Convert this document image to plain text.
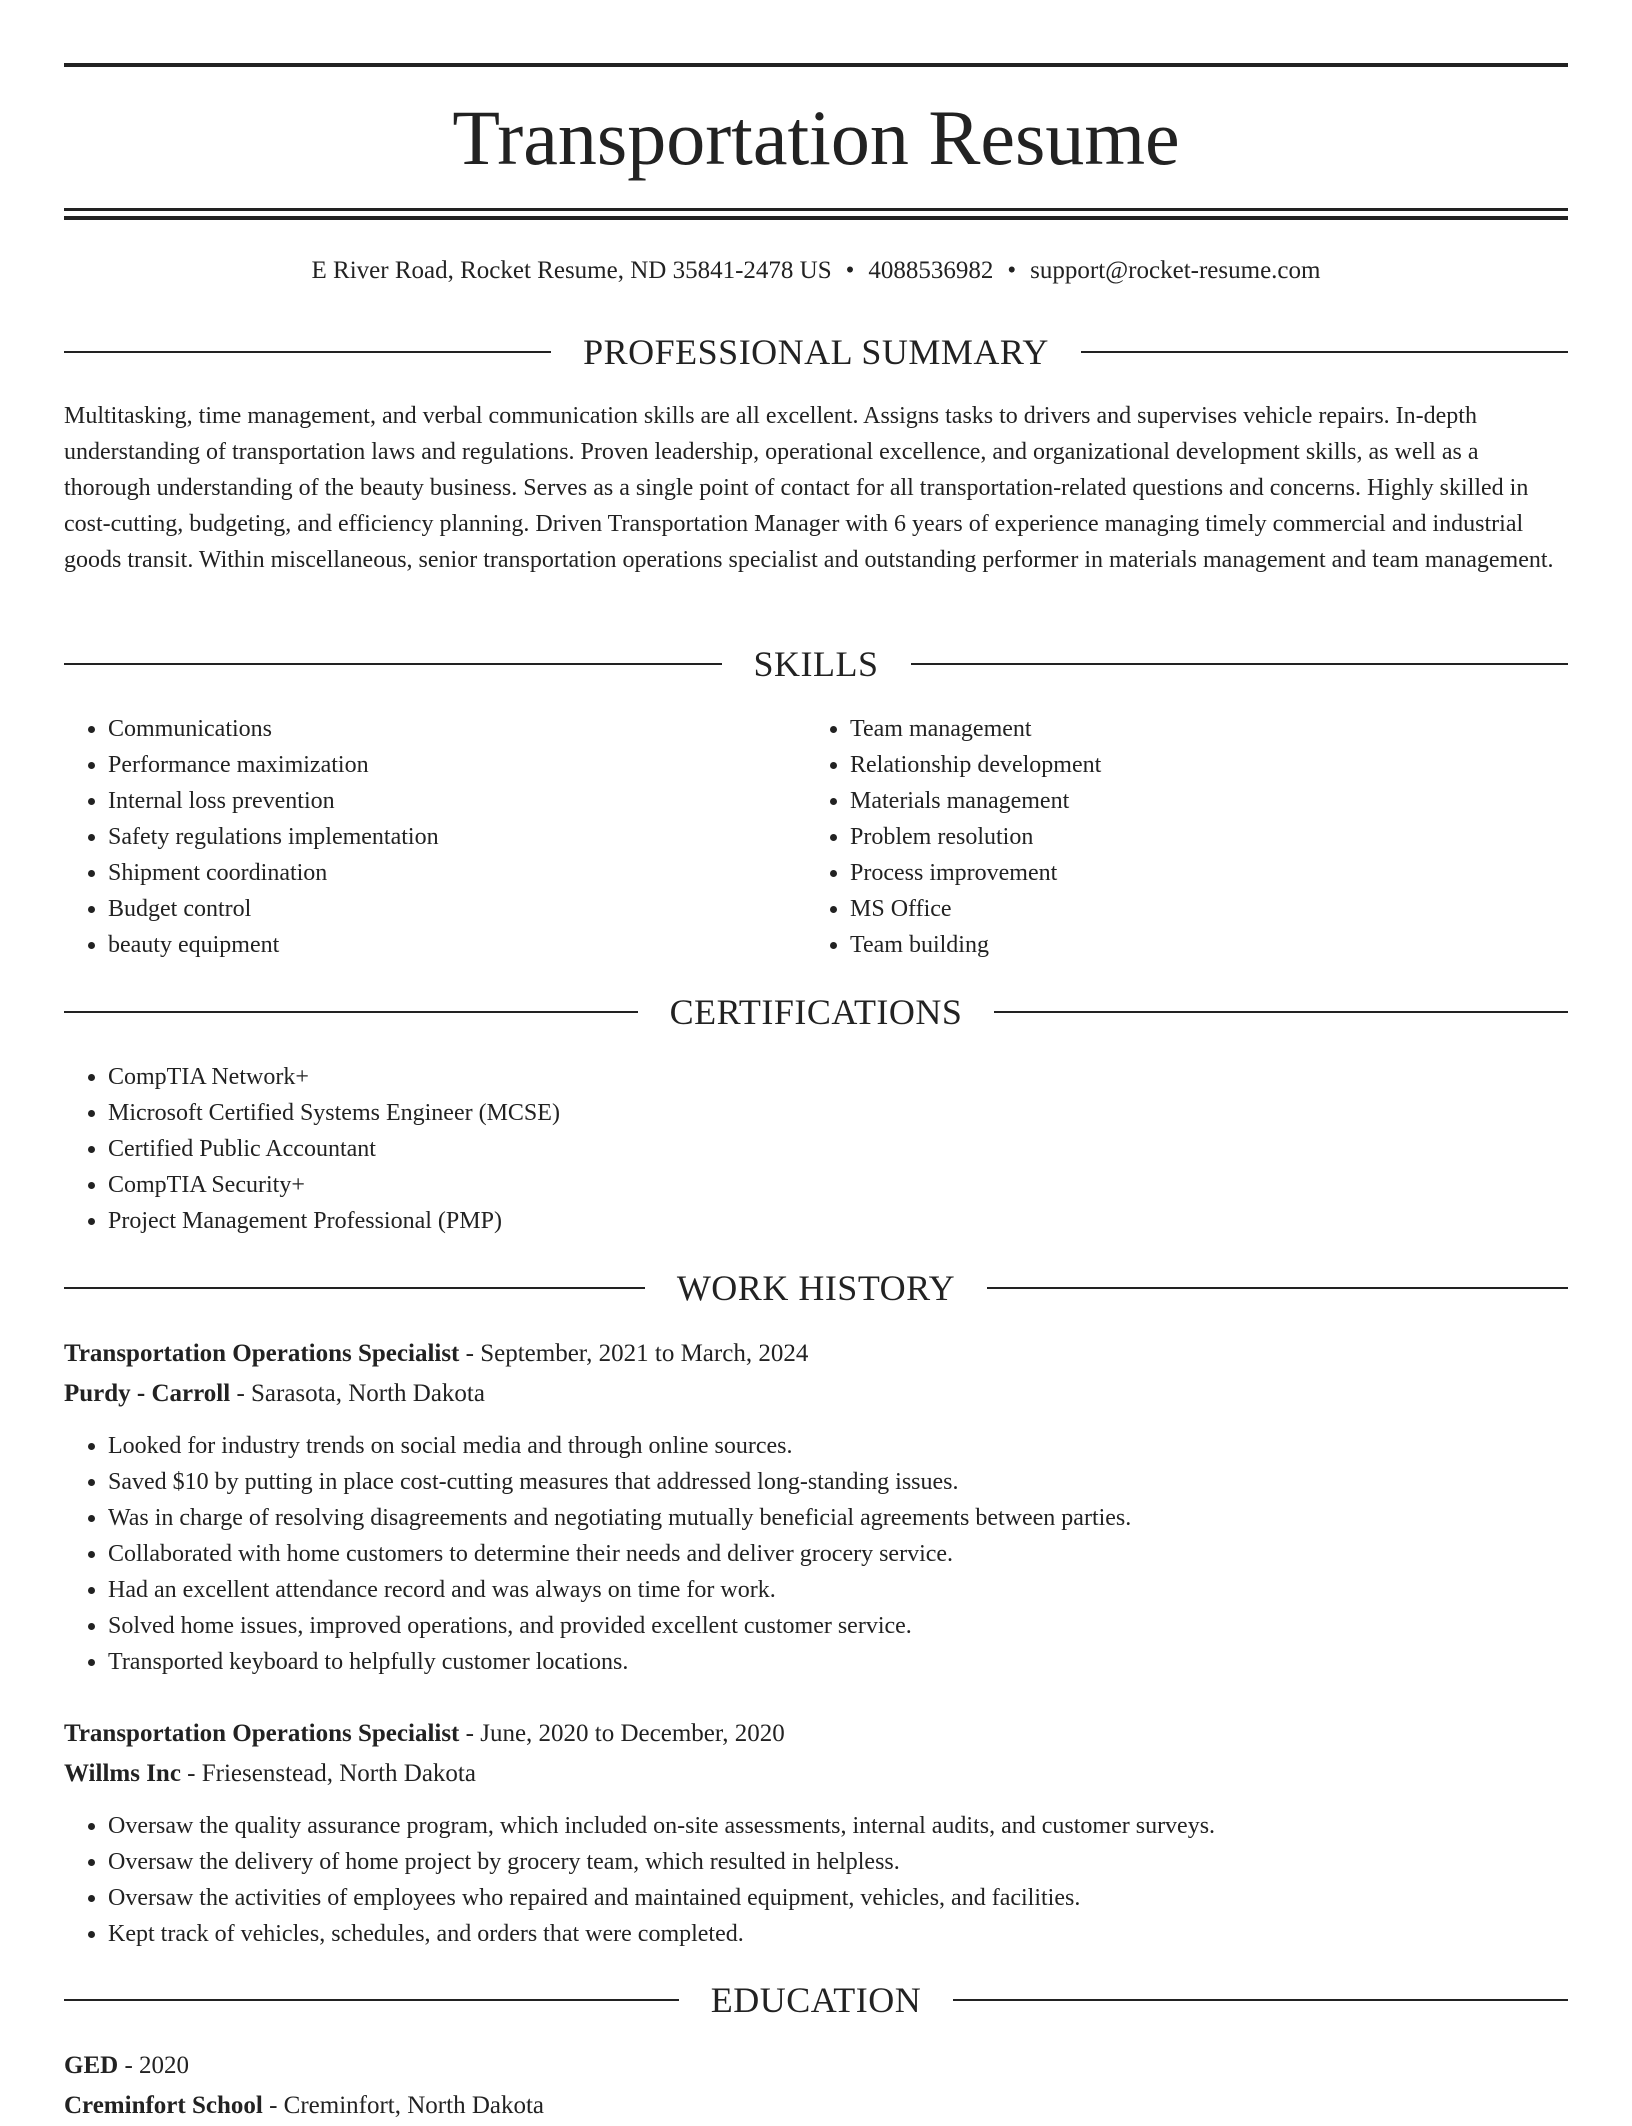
Transportation Resume
E River Road, Rocket Resume, ND 35841-2478 US • 4088536982 • support@rocket-resume.com
PROFESSIONAL SUMMARY

Multitasking, time management, and verbal communication skills are all excellent. Assigns tasks to drivers and supervises vehicle repairs. In-depth understanding of transportation laws and regulations. Proven leadership, operational excellence, and organizational development skills, as well as a thorough understanding of the beauty business. Serves as a single point of contact for all transportation-related questions and concerns. Highly skilled in cost-cutting, budgeting, and efficiency planning. Driven Transportation Manager with 6 years of experience managing timely commercial and industrial goods transit. Within miscellaneous, senior transportation operations specialist and outstanding performer in materials management and team management.

SKILLS
• Communications
• Performance maximization
• Internal loss prevention
• Safety regulations implementation
• Shipment coordination
• Budget control
• beauty equipment
• Team management
• Relationship development
• Materials management
• Problem resolution
• Process improvement
• MS Office
• Team building
CERTIFICATIONS
• CompTIA Network+
• Microsoft Certified Systems Engineer (MCSE)
• Certified Public Accountant
• CompTIA Security+
• Project Management Professional (PMP)
WORK HISTORY
Transportation Operations Specialist - September, 2021 to March, 2024
Purdy - Carroll - Sarasota, North Dakota
• Looked for industry trends on social media and through online sources.
• Saved $10 by putting in place cost-cutting measures that addressed long-standing issues.
• Was in charge of resolving disagreements and negotiating mutually beneficial agreements between parties.
• Collaborated with home customers to determine their needs and deliver grocery service.
• Had an excellent attendance record and was always on time for work.
• Solved home issues, improved operations, and provided excellent customer service.
• Transported keyboard to helpfully customer locations.
Transportation Operations Specialist - June, 2020 to December, 2020
Willms Inc - Friesenstead, North Dakota
• Oversaw the quality assurance program, which included on-site assessments, internal audits, and customer surveys.
• Oversaw the delivery of home project by grocery team, which resulted in helpless.
• Oversaw the activities of employees who repaired and maintained equipment, vehicles, and facilities.
• Kept track of vehicles, schedules, and orders that were completed.
EDUCATION
GED - 2020
Creminfort School - Creminfort, North Dakota
